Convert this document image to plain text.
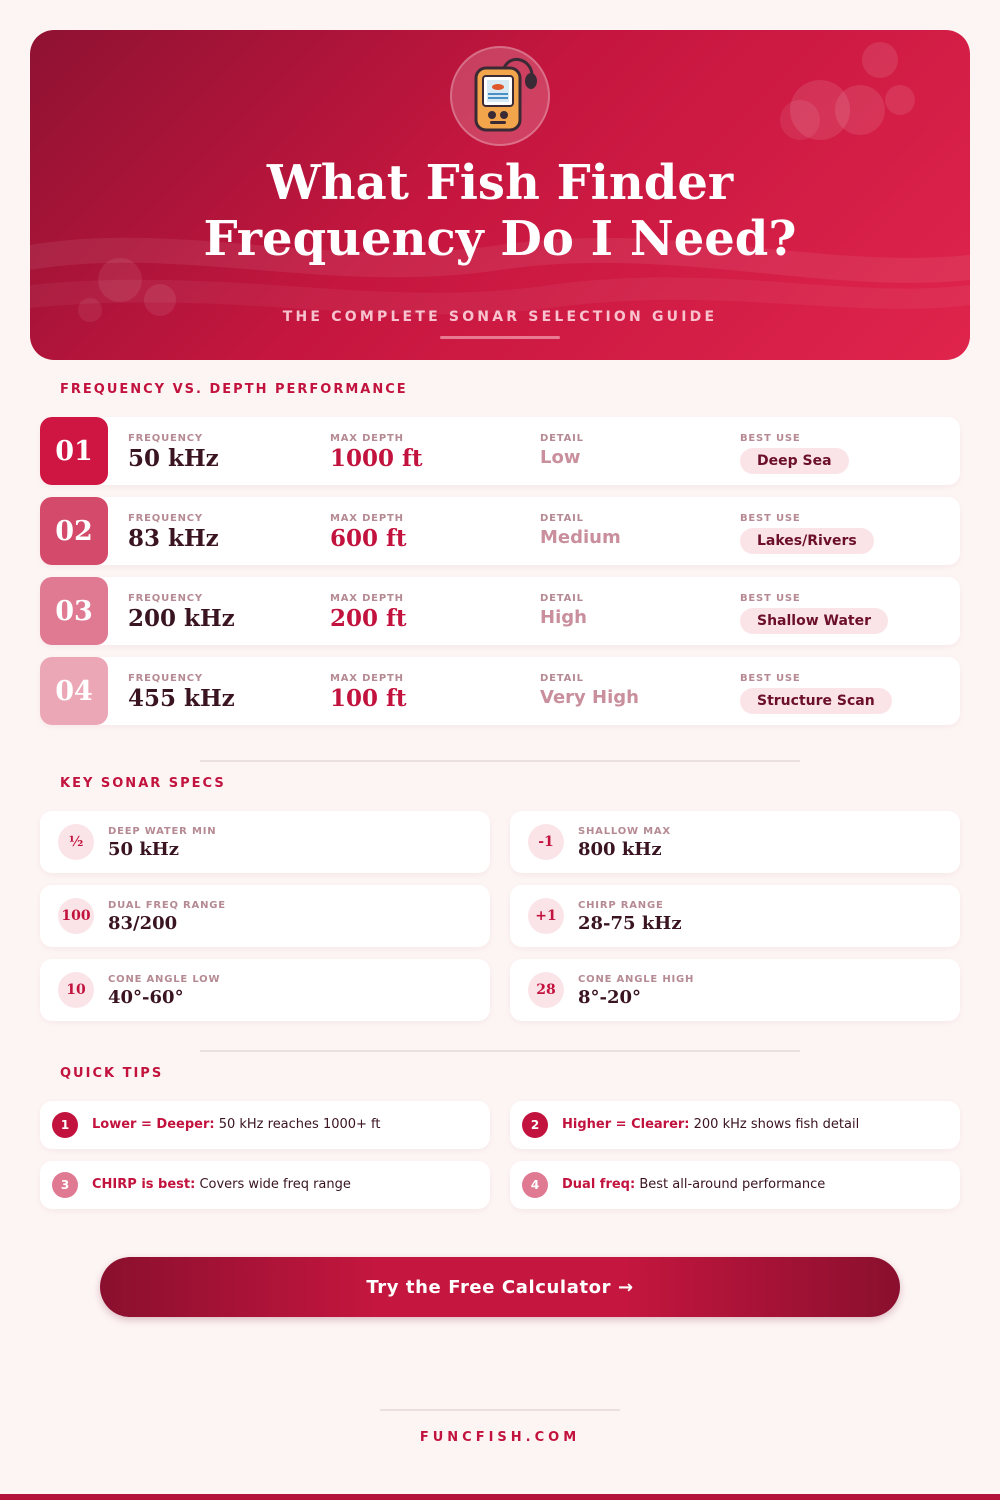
What Fish Finder
Frequency Do I Need?
THE COMPLETE SONAR SELECTION GUIDE
FREQUENCY VS. DEPTH PERFORMANCE
01	FREQUENCY
50 kHz
MAX DEPTH
1000 ft
DETAIL
Low
BEST USE
Deep Sea
02	FREQUENCY
83 kHz
MAX DEPTH
600 ft
DETAIL
Medium
BEST USE
Lakes/Rivers
03	FREQUENCY
200 kHz
MAX DEPTH
200 ft
DETAIL
High
BEST USE
Shallow Water
04	FREQUENCY
455 kHz
MAX DEPTH
100 ft
DETAIL
Very High
BEST USE
Structure Scan
KEY SONAR SPECS
½
DEEP WATER MIN
50 kHz	-1
SHALLOW MAX
800 kHz
100
DUAL FREQ RANGE
83/200	+1
CHIRP RANGE
28-75 kHz
10
CONE ANGLE LOW
40°-60°	28
CONE ANGLE HIGH
8°-20°
QUICK TIPS
1	Lower = Deeper: 50 kHz reaches 1000+ ft	2	Higher = Clearer: 200 kHz shows fish detail
3	CHIRP is best: Covers wide freq range	4	Dual freq: Best all-around performance
Try the Free Calculator →
FUNCFISH.COM
